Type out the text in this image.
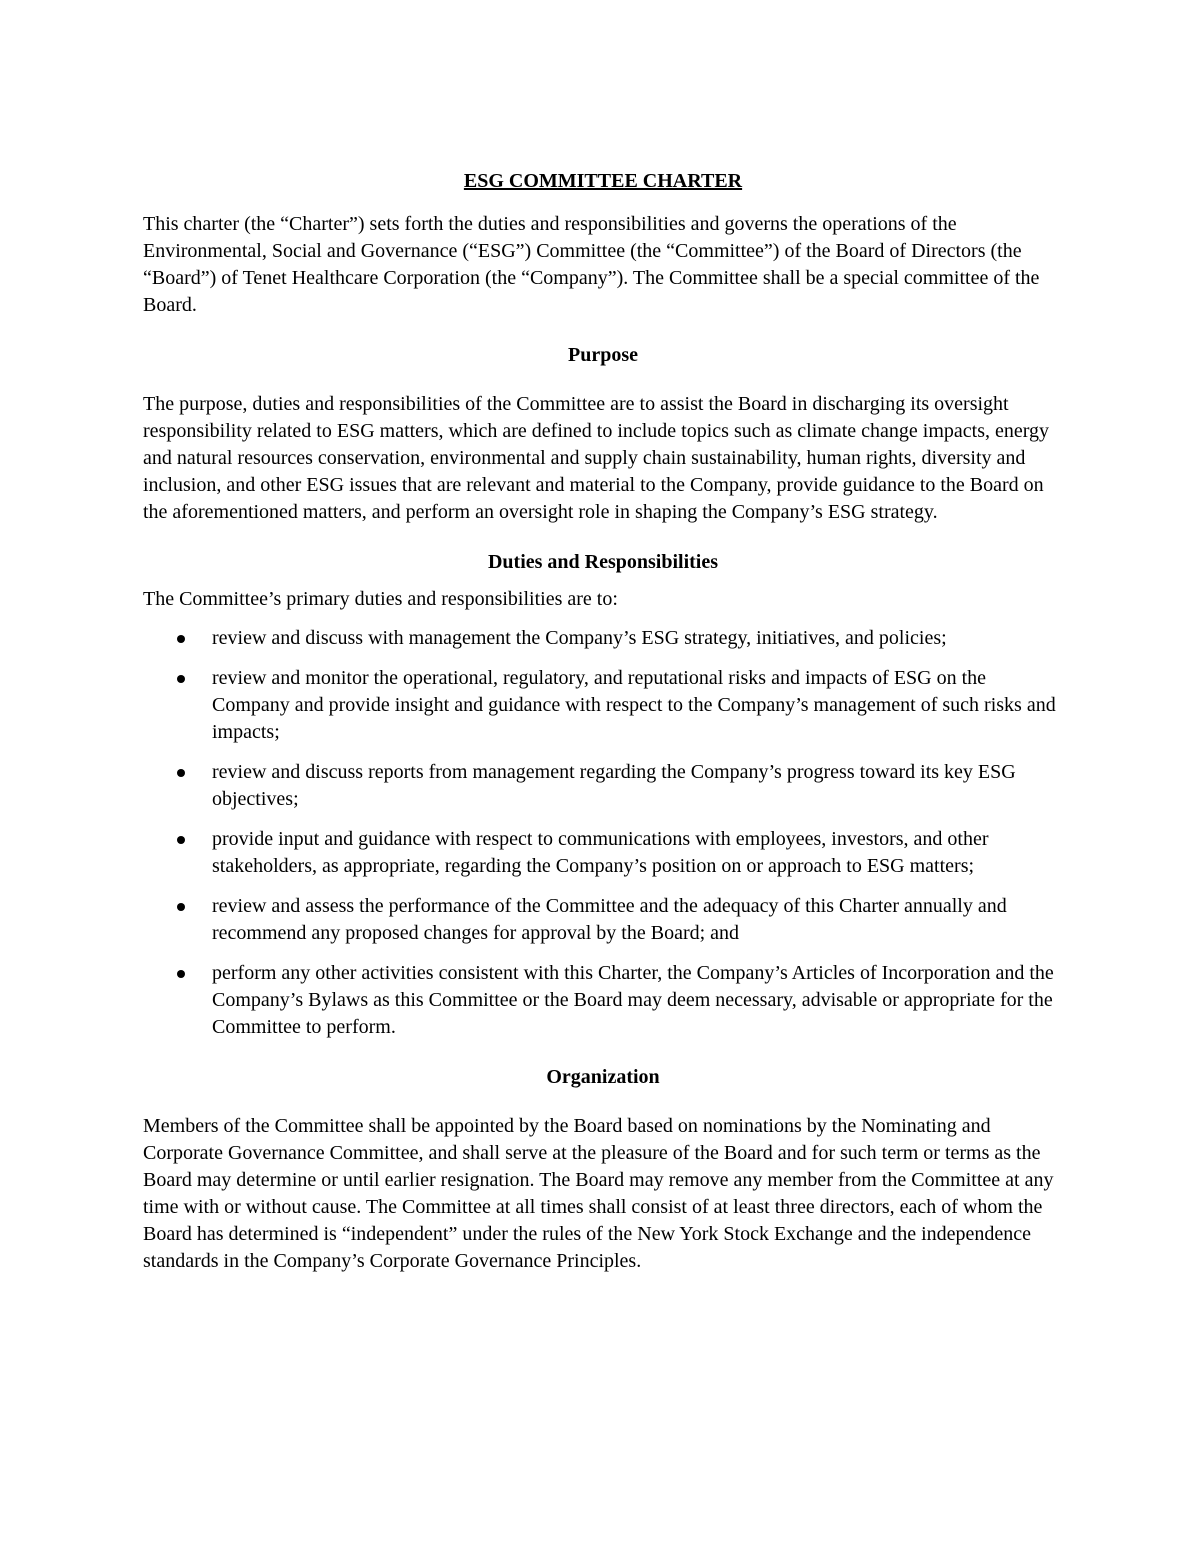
ESG COMMITTEE CHARTER

This charter (the “Charter”) sets forth the duties and responsibilities and governs the operations of the Environmental, Social and Governance (“ESG”) Committee (the “Committee”) of the Board of Directors (the “Board”) of Tenet Healthcare Corporation (the “Company”). The Committee shall be a special committee of the Board.

Purpose

The purpose, duties and responsibilities of the Committee are to assist the Board in discharging its oversight responsibility related to ESG matters, which are defined to include topics such as climate change impacts, energy and natural resources conservation, environmental and supply chain sustainability, human rights, diversity and inclusion, and other ESG issues that are relevant and material to the Company, provide guidance to the Board on the aforementioned matters, and perform an oversight role in shaping the Company’s ESG strategy.

Duties and Responsibilities

The Committee’s primary duties and responsibilities are to:

review and discuss with management the Company’s ESG strategy, initiatives, and policies;
review and monitor the operational, regulatory, and reputational risks and impacts of ESG on the Company and provide insight and guidance with respect to the Company’s management of such risks and impacts;
review and discuss reports from management regarding the Company’s progress toward its key ESG objectives;
provide input and guidance with respect to communications with employees, investors, and other stakeholders, as appropriate, regarding the Company’s position on or approach to ESG matters;
review and assess the performance of the Committee and the adequacy of this Charter annually and recommend any proposed changes for approval by the Board; and
perform any other activities consistent with this Charter, the Company’s Articles of Incorporation and the Company’s Bylaws as this Committee or the Board may deem necessary, advisable or appropriate for the Committee to perform.
Organization

Members of the Committee shall be appointed by the Board based on nominations by the Nominating and Corporate Governance Committee, and shall serve at the pleasure of the Board and for such term or terms as the Board may determine or until earlier resignation. The Board may remove any member from the Committee at any time with or without cause. The Committee at all times shall consist of at least three directors, each of whom the Board has determined is “independent” under the rules of the New York Stock Exchange and the independence standards in the Company’s Corporate Governance Principles.
